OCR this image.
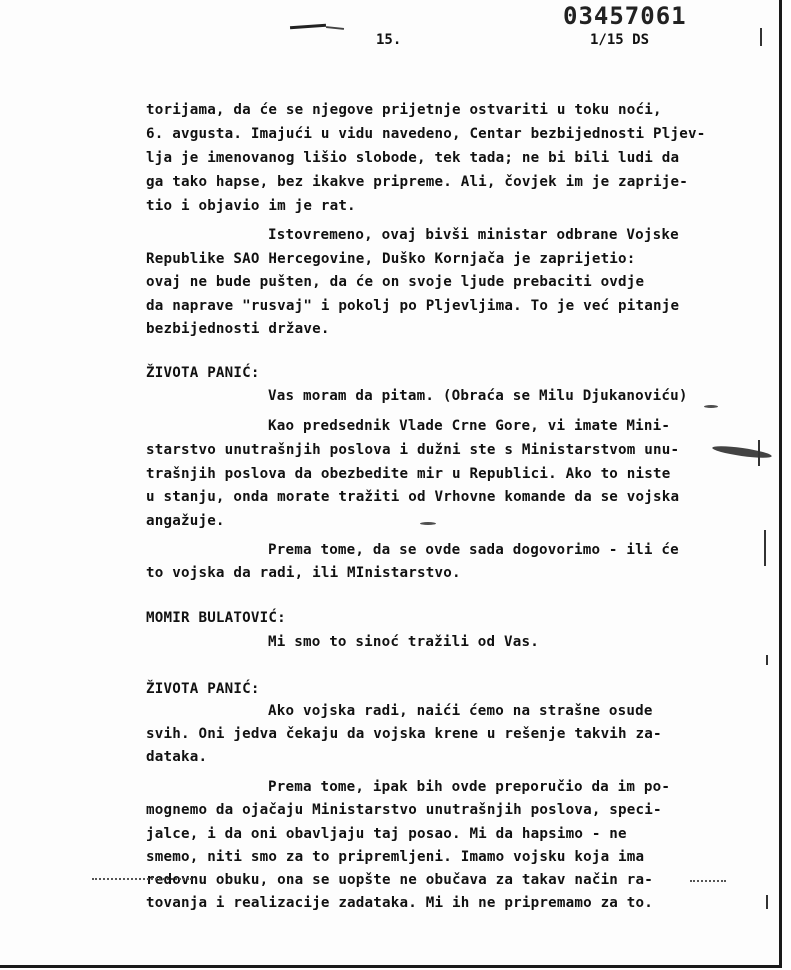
03457061
15.	1/15 DS
torijama, da će se njegove prijetnje ostvariti u toku noći,
6. avgusta. Imajući u vidu navedeno, Centar bezbijednosti Pljev-
lja je imenovanog lišio slobode, tek tada; ne bi bili ludi da
ga tako hapse, bez ikakve pripreme. Ali, čovjek im je zaprije-
tio i objavio im je rat.
Istovremeno, ovaj bivši ministar odbrane Vojske
Republike SAO Hercegovine, Duško Kornjača je zaprijetio:
ovaj ne bude pušten, da će on svoje ljude prebaciti ovdje
da naprave "rusvaj" i pokolj po Pljevljima. To je već pitanje
bezbijednosti države.
ŽIVOTA PANIĆ:
Vas moram da pitam. (Obraća se Milu Djukanoviću)
Kao predsednik Vlade Crne Gore, vi imate Mini-
starstvo unutrašnjih poslova i dužni ste s Ministarstvom unu-
trašnjih poslova da obezbedite mir u Republici. Ako to niste
u stanju, onda morate tražiti od Vrhovne komande da se vojska
angažuje.
Prema tome, da se ovde sada dogovorimo - ili će
to vojska da radi, ili MInistarstvo.
MOMIR BULATOVIĆ:
Mi smo to sinoć tražili od Vas.
ŽIVOTA PANIĆ:
Ako vojska radi, naići ćemo na strašne osude
svih. Oni jedva čekaju da vojska krene u rešenje takvih za-
dataka.
Prema tome, ipak bih ovde preporučio da im po-
mognemo da ojačaju Ministarstvo unutrašnjih poslova, speci-
jalce, i da oni obavljaju taj posao. Mi da hapsimo - ne
smemo, niti smo za to pripremljeni. Imamo vojsku koja ima
redovnu obuku, ona se uopšte ne obučava za takav način ra-
tovanja i realizacije zadataka. Mi ih ne pripremamo za to.
